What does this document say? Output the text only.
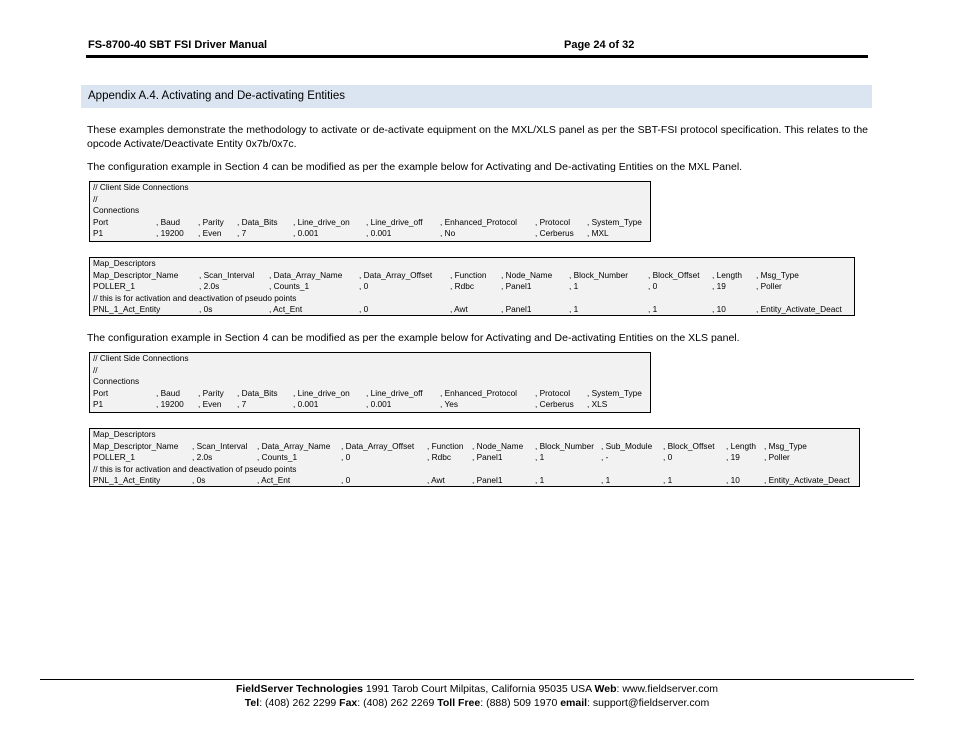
FS-8700-40 SBT FSI Driver Manual	Page 24 of 32
Appendix A.4. Activating and De-activating Entities

These examples demonstrate the methodology to activate or de-activate equipment on the MXL/XLS panel as per the SBT-FSI protocol specification. This relates to the opcode Activate/Deactivate Entity 0x7b/0x7c.

The configuration example in Section 4 can be modified as per the example below for Activating and De-activating Entities on the MXL Panel.

// Client Side Connections
//
Connections
Port	, Baud , Parity , Data_Bits , Line_drive_on , Line_drive_off , Enhanced_Protocol , Protocol , System_Type
P1	, 19200 , Even , 7	, 0.001	, 0.001	, No	, Cerberus , MXL
Map_Descriptors
Map_Descriptor_Name , Scan_Interval , Data_Array_Name , Data_Array_Offset , Function , Node_Name , Block_Number , Block_Offset , Length , Msg_Type
POLLER_1	, 2.0s	, Counts_1	, 0	, Rdbc	, Panel1	, 1	, 0	, 19	, Poller
// this is for activation and deactivation of pseudo points
PNL_1_Act_Entity	, 0s	, Act_Ent	, 0	, Awt	, Panel1	, 1	, 1	, 10	, Entity_Activate_Deact

The configuration example in Section 4 can be modified as per the example below for Activating and De-activating Entities on the XLS panel.

// Client Side Connections
//
Connections
Port	, Baud , Parity , Data_Bits , Line_drive_on , Line_drive_off , Enhanced_Protocol , Protocol , System_Type
P1	, 19200 , Even , 7	, 0.001	, 0.001	, Yes	, Cerberus , XLS
Map_Descriptors
Map_Descriptor_Name , Scan_Interval , Data_Array_Name , Data_Array_Offset , Function , Node_Name , Block_Number , Sub_Module , Block_Offset , Length , Msg_Type
POLLER_1	, 2.0s	, Counts_1	, 0	, Rdbc	, Panel1	, 1	, -	, 0	, 19	, Poller
// this is for activation and deactivation of pseudo points
PNL_1_Act_Entity	, 0s	, Act_Ent	, 0	, Awt	, Panel1	, 1	, 1	, 1	, 10	, Entity_Activate_Deact
FieldServer Technologies 1991 Tarob Court Milpitas, California 95035 USA Web: www.fieldserver.com
Tel: (408) 262 2299 Fax: (408) 262 2269 Toll Free: (888) 509 1970 email: support@fieldserver.com
